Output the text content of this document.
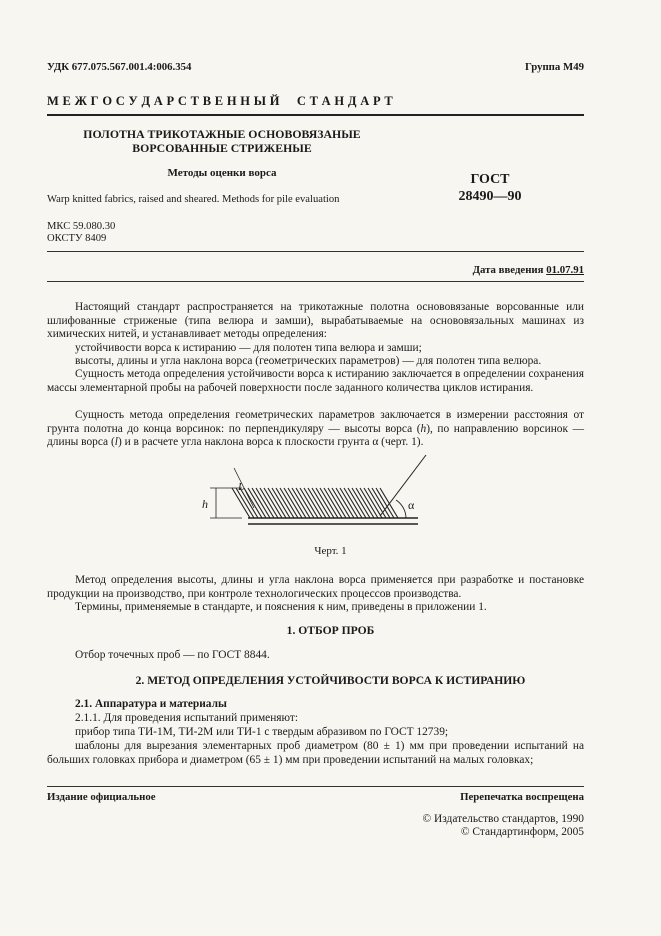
УДК 677.075.567.001.4:006.354	Группа М49
М Е Ж Г О С У Д А Р С Т В Е Н Н Ы Й     С Т А Н Д А Р Т
ПОЛОТНА ТРИКОТАЖНЫЕ ОСНОВОВЯЗАНЫЕ
ВОРСОВАННЫЕ СТРИЖЕНЫЕ
Методы оценки ворса
Warp knitted fabrics, raised and sheared. Methods for pile evaluation
ГОСТ
28490—90
МКС 59.080.30
ОКСТУ 8409
Дата введения 01.07.91
Настоящий стандарт распространяется на трикотажные полотна основовязаные ворсованные или шлифованные стриженые (типа велюра и замши), вырабатываемые на основовязальных машинах из химических нитей, и устанавливает методы определения:
устойчивости ворса к истиранию — для полотен типа велюра и замши;
высоты, длины и угла наклона ворса (геометрических параметров) — для полотен типа велюра.
Сущность метода определения устойчивости ворса к истиранию заключается в определении сохранения массы элементарной пробы на рабочей поверхности после заданного количества циклов истирания.
Сущность метода определения геометрических параметров заключается в измерении расстояния от грунта полотна до конца ворсинок: по перпендикуляру — высоты ворса (h), по направлению ворсинок — длины ворса (l) и в расчете угла наклона ворса к плоскости грунта α (черт. 1).
h
L
α
Черт. 1
Метод определения высоты, длины и угла наклона ворса применяется при разработке и постановке продукции на производство, при контроле технологических процессов производства.
Термины, применяемые в стандарте, и пояснения к ним, приведены в приложении 1.
1. ОТБОР ПРОБ
Отбор точечных проб — по ГОСТ 8844.
2. МЕТОД ОПРЕДЕЛЕНИЯ УСТОЙЧИВОСТИ ВОРСА К ИСТИРАНИЮ
2.1. Аппаратура и материалы
2.1.1. Для проведения испытаний применяют:
прибор типа ТИ-1М, ТИ-2М или ТИ-1 с твердым абразивом по ГОСТ 12739;
шаблоны для вырезания элементарных проб диаметром (80 ± 1) мм при проведении испытаний на больших головках прибора и диаметром (65 ± 1) мм при проведении испытаний на малых головках;
Издание официальное	Перепечатка воспрещена
© Издательство стандартов, 1990
© Стандартинформ, 2005
